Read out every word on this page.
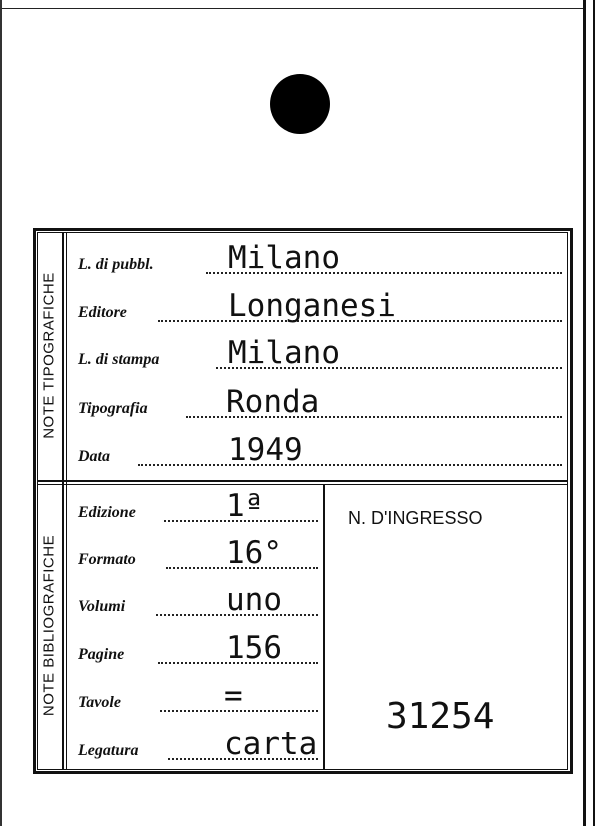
NOTE TIPOGRAFICHE
NOTE BIBLIOGRAFICHE
L. di pubbl. Milano
Editore	Longanesi
L. di stampa Milano
Tipografia	Ronda
Data	1949
Edizione	1ª
Formato	16°
Volumi	uno
Pagine	156
Tavole	=
Legatura	carta
N. D'INGRESSO
31254
